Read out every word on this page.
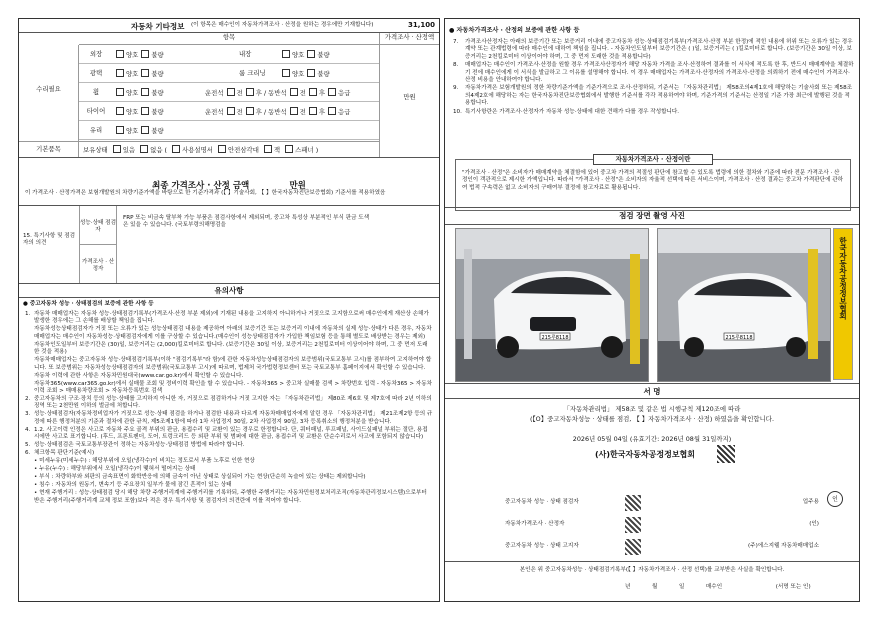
자동차 기타정보 (이 항목은 매수인이 자동차가격조사 · 산정을 원하는 경우에만 기재합니다)	31,100
항목	가격조사 · 산정액
수리필요
만원
외장	양호 불량	내장	양호 불량
광택	양호 불량	룸 크리닝	양호 불량
휠	양호 불량	운전석 전 후 / 동반석 전 후 응급
타이어	양호 불량	운전석 전 후 / 동반석 전 후 응급
유리	양호 불량
기본품목	보유상태 있음 없음 ( 사용설명서 안전삼각대 잭 스패너 )
최종 가격조사 · 산정 금액	만원
이 가격조사 · 산정가격은 보험개발원의 차량기준가액을 바탕으로 한 기준가격과 (【 】기술사회, 【 】한국자동차진단보증협회) 기준서를 적용하였음
15. 특기사항 및 점검자의 의견
성능·상태 점검자
가격조사 · 산정자
FRP 또는 비금속 탈부착 가능 부품은 점검사항에서 제외되며, 중고차 특성상 부분적인 부식 판금 도색은 있을 수 있습니다. (국토부령의해명검을
유의사항
● 중고자동차 성능 · 상태점검의 보증에 관한 사항 등
1. 자동차 매매업자는 자동차 성능·상태점검기록부(가격조사·산정 부분 제외)에 기재된 내용을 고지하지 아니하거나 거짓으로 고지함으로써 매수인에게 재산상 손해가 발생한 경우에는 그 손해를 배상할 책임을 집니다.
자동차성능상태점검자가 거짓 또는 오류가 있는 성능상태점검 내용을 제공하여 아래의 보증기간 또는 보증거리 이내에 자동차의 실제 성능·상태가 다른 경우, 자동차매매업자는 매수인이 자동차성능·상태점검자에게 이를 구상할 수 있습니다.(매수인이 성능상태점검자가 가입한 책임보험 등을 통해 별도로 배상받는 경우는 제외)
자동차인도일부터 보증기간은 (30)일, 보증거리는 (2,000)킬로미터로 합니다. (보증기간은 30일 이상, 보증거리는 2천킬로미터 이상이어야 하며, 그 중 먼저 도래한 것을 적용)
자동차매매업자는 중고자동차 성능·상태점검기록부(이하 "점검기록부"라 함)에 관한 자동차성능상태점검자의 보증범위(국토교통부 고시)를 점부하여 고지하여야 합니다. 또 보증범위는 자동차성능상태점검자의 보증범위(국토교통부 고시)에 따르며, 법제처 국가법령정보센터 또는 국토교통부 홈페이지에서 확인할 수 있습니다.
자동차 이력에 관한 사항은 자동차민원대국(www.car.go.kr)에서 확인할 수 있습니다.
자동차365(www.car365.go.kr)에서 실매물 조회 및 정비이력 확인을 할 수 있습니다. - 자동차365 > 중고차 실매물 검색 > 차량번호 입력 - 자동차365 > 자동차 이력 조회 > 매매용차량조회 > 자동차등록번호 검색
2. 중고자동차의 구조·장치 등의 성능·상태를 고지하지 아니한 자, 거짓으로 점검하거나 거짓 고지한 자는 「자동차관리법」 제80조 제6호 및 제7호에 따라 2년 이하의 징역 또는 2천만원 이하의 벌금에 처합니다.
3. 성능·상태점검자(자동차정비업자가 거짓으로 성능·상태 점검을 하거나 점검한 내용과 다르게 자동차매매업자에게 알린 경우 「자동차관리법」 제21조제2항 등의 규정에 따른 행정처분의 기준과 절차에 관한 규칙, 제5조제1항에 따라 1차 사업정지 30일, 2차 사업정지 90일, 3차 등록취소의 행정처분을 받습니다.
4. 1.2. 사고이력 인정은 사고로 자동차 주요 골격 부위의 판금, 용접수리 및 교환이 있는 경우로 한정합니다. 단, 쿼터패널, 루프패널, 사이드실패널 부위는 절단, 용접 시에만 사고로 표기합니다. (후드, 프론트펜더, 도어, 트렁크리드 등 외판 부위 및 범퍼에 대한 판금, 용접수리 및 교환은 단순수리로서 사고에 포함되지 않습니다)
5. 성능·상태점검은 국토교통부장관이 정하는 자동차성능·상태점검 방법에 따라야 합니다.
6. 체크항목 판단기준(예시)
• 미세누유(미세누수) : 해당부위에 오일(냉각수)이 비치는 정도로서 부품 노후로 인한 현상
• 누유(누수) : 해당부위에서 오일(냉각수)이 맺혀서 떨어지는 상태
• 부식 : 차량하부와 외판의 금속표면이 화학반응에 의해 금속이 아닌 상태로 상실되어 가는 현상(단순히 녹슬어 있는 상태는 제외합니다)
• 침수 : 자동차의 원동기, 변속기 등 주요장치 일부가 물에 잠긴 흔적이 있는 상태
• 현재 주행거리 : 성능·상태점검 당시 해당 차량 주행거리계에 주행거리를 기록하되, 주행한 주행거리는 자동차민원정보처리조직(자동차관리정보시스템)으로부터 받은 주행거리(주행거리계 교체 정보 포함)보다 적은 경우 특기사항 및 점검자의 의견란에 이를 적어야 합니다.
● 자동차가격조사 · 산정의 보증에 관한 사항 등
7. 가격조사산정자는 아래의 보증기간 또는 보증거리 이내에 중고자동차 성능·상태점검기록부(가격조사·산정 부분 한정)에 적힌 내용에 허위 또는 오류가 있는 경우 계약 또는 관계법령에 따라 매수인에 대하여 책임을 집니다. - 자동차인도일부터 보증기간은 ( )일, 보증거리는 ( )킬로미터로 합니다. (보증기간은 30일 이상, 보증거리는 2천킬로미터 이상이어야 하며, 그 중 먼저 도래한 것을 적용합니다)
8. 매매업자는 매수인이 가격조사·산정을 원할 경우 가격조사산정자가 해당 자동차 가격을 조사·산정하여 결과를 이 서식에 적도록 한 후, 반드시 매매계약을 체결하기 전에 매수인에게 이 서식을 발급하고 그 이유를 설명해야 합니다. 이 경우 매매업자는 가격조사·산정자의 가격조사·산정을 의뢰하기 전에 매수인이 가격조사·산정 비용을 안내하여야 합니다.
9. 자동차가격은 보험개발원의 정한 차량기준가액을 기준가격으로 조사·산정하되, 기준서는 「자동차관리법」 제58조의4제1호에 해당하는 기술사회 또는 제58조의4제2호에 해당하는 자는 한국자동차진단보증협회에서 발행한 기준서를 각각 적용하여야 하며, 기준가격의 기준서는 산정일 기준 가장 최근에 발행된 것을 적용합니다.
10. 특기사항란은 가격조사·산정자가 자동차 성능·상태에 대한 견해가 다를 경우 작성합니다.
"가격조사 · 산정"은 소비자가 매매계약을 체결함에 있어 중고차 가격의 적절성 판단에 참고할 수 있도록 법령에 의한 절차와 기준에 따라 전문 가격조사 · 산정인이 객관적으로 제시한 가액입니다. 따라서 "가격조사 · 산정"은 소비자의 자율적 선택에 따른 서비스이며, 가격조사 · 산정 결과는 중고차 가격판단에 관하여 법적 구속력은 없고 소비자의 구매여부 결정에 참고자료로 활용됩니다.
자동차가격조사 · 산정이란
점검 장면 촬영 사진
215루8118	215루8118
한국자동차공정정보협회
서 명
「자동차관리법」 제58조 및 같은 법 시행규칙 제120조에 따라
(【O】중고자동차성능 · 상태를 점검, 【 】자동차가격조사 · 산정) 하였음을 확인합니다.
2026년 05월 04일 (유효기간: 2026년 08월 31일까지)
(사)한국자동차공정정보협회
중고자동차 성능 · 상태 점검자	업주용
자동차가격조사 · 산정자	(인)
중고자동차 성능 · 상태 고지자	(주)에스지웰 자동차매매업소
인
본인은 위 중고자동차성능 · 상태점검기록부(【 】자동차가격조사 · 산정 선택)를 교부받은 사실을 확인합니다.
년	월	일	매수인	(서명 또는 인)
